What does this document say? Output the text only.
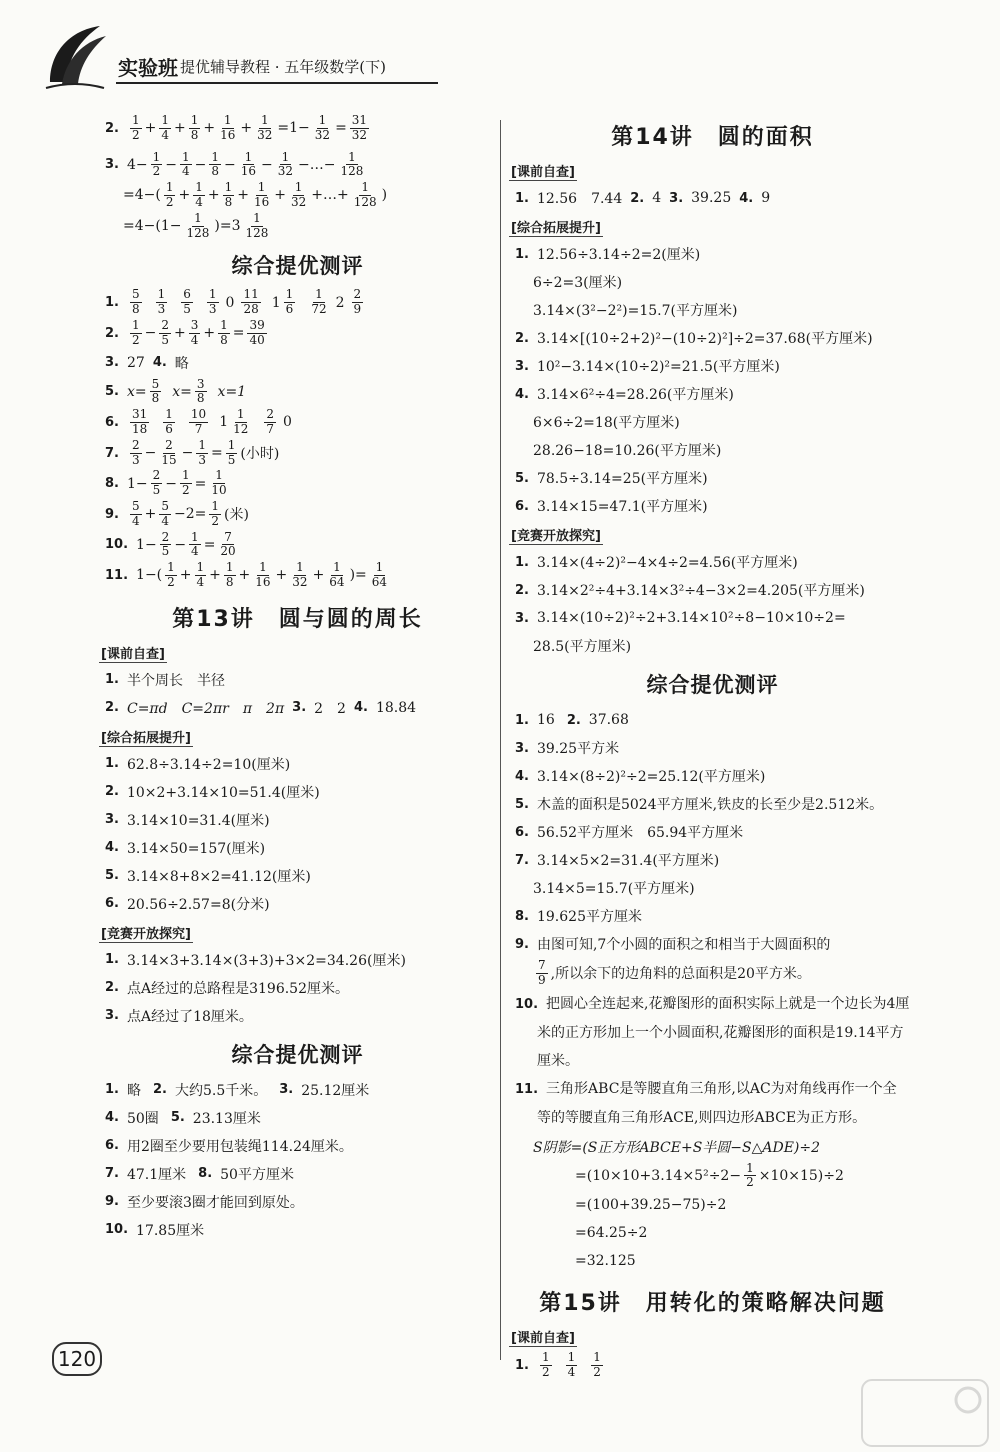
实验班 提优辅导教程 · 五年级数学(下)
2. $\frac{1}{2} + \frac{1}{4} + \frac{1}{8} + \frac{1}{16} + \frac{1}{32} =1- \frac{1}{32} = \frac{31}{32}$
3. $4- \frac{1}{2} - \frac{1}{4} - \frac{1}{8} - \frac{1}{16} - \frac{1}{32}$ −…− $\frac{1}{128}$
$=4-( \frac{1}{2} + \frac{1}{4} + \frac{1}{8} + \frac{1}{16} + \frac{1}{32}$ +…+ $\frac{1}{128}$ )
$=4-(1- \frac{1}{128} )=3 \frac{1}{128}$
综合提优测评
1. $\frac{5}{8} \frac{1}{3} \frac{6}{5} \frac{1}{3} 0 \frac{11}{28} 1 \frac{1}{6} \frac{1}{72} 2 \frac{2}{9}$
2. $\frac{1}{2} - \frac{2}{5} + \frac{3}{4} + \frac{1}{8} = \frac{39}{40}$
3. 27 4. 略
5. $x= \frac{5}{8} x= \frac{3}{8} x=1$
6. $\frac{31}{18} \frac{1}{6} \frac{10}{7} 1 \frac{1}{12} \frac{2}{7} 0$
7. $\frac{2}{3} - \frac{2}{15} - \frac{1}{3} = \frac{1}{5}$ (小时)
8. $1- \frac{2}{5} - \frac{1}{2} = \frac{1}{10}$
9. $\frac{5}{4} + \frac{5}{4} -2= \frac{1}{2}$ (米)
10. $1- \frac{2}{5} - \frac{1}{4} = \frac{7}{20}$
11. $1-( \frac{1}{2} + \frac{1}{4} + \frac{1}{8} + \frac{1}{16} + \frac{1}{32} + \frac{1}{64}$ )= $\frac{1}{64}$
第13讲　圆与圆的周长
[课前自查]
1. 半个周长　半径
2. C=πd　C=2πr　π　2π 3. 2　2 4. 18.84
[综合拓展提升]
1. 62.8÷3.14÷2=10(厘米)
2. 10×2+3.14×10=51.4(厘米)
3. 3.14×10=31.4(厘米)
4. 3.14×50=157(厘米)
5. 3.14×8+8×2=41.12(厘米)
6. 20.56÷2.57=8(分米)
[竞赛开放探究]
1. 3.14×3+3.14×(3+3)+3×2=34.26(厘米)
2. 点A经过的总路程是3196.52厘米。
3. 点A经过了18厘米。
综合提优测评
1. 略 2. 大约5.5千米。 3. 25.12厘米
4. 50圈 5. 23.13厘米
6. 用2圈至少要用包装绳114.24厘米。
7. 47.1厘米 8. 50平方厘米
9. 至少要滚3圈才能回到原处。
10. 17.85厘米
第14讲　圆的面积
[课前自查]
1. 12.56　7.44 2. 4 3. 39.25 4. 9
[综合拓展提升]
1. 12.56÷3.14÷2=2(厘米)
6÷2=3(厘米)
3.14×(3²−2²)=15.7(平方厘米)
2. 3.14×[(10÷2+2)²−(10÷2)²]÷2=37.68(平方厘米)
3. 10²−3.14×(10÷2)²=21.5(平方厘米)
4. 3.14×6²÷4=28.26(平方厘米)
6×6÷2=18(平方厘米)
28.26−18=10.26(平方厘米)
5. 78.5÷3.14=25(平方厘米)
6. 3.14×15=47.1(平方厘米)
[竞赛开放探究]
1. 3.14×(4÷2)²−4×4÷2=4.56(平方厘米)
2. 3.14×2²÷4+3.14×3²÷4−3×2=4.205(平方厘米)
3. 3.14×(10÷2)²÷2+3.14×10²÷8−10×10÷2=
28.5(平方厘米)
综合提优测评
1. 16 2. 37.68
3. 39.25平方米
4. 3.14×(8÷2)²÷2=25.12(平方厘米)
5. 木盖的面积是5024平方厘米,铁皮的长至少是2.512米。
6. 56.52平方厘米　65.94平方厘米
7. 3.14×5×2=31.4(平方厘米)
3.14×5=15.7(平方厘米)
8. 19.625平方厘米
9. 由图可知,7个小圆的面积之和相当于大圆面积的
$\frac{7}{9}$ ,所以余下的边角料的总面积是20平方米。
10. 把圆心全连起来,花瓣图形的面积实际上就是一个边长为4厘米的正方形加上一个小圆面积,花瓣图形的面积是19.14平方厘米。
11. 三角形ABC是等腰直角三角形,以AC为对角线再作一个全等的等腰直角三角形ACE,则四边形ABCE为正方形。
S阴影=(S正方形ABCE+S半圆−S△ADE)÷2
$=(10\times 10+3.14\times 5^2\div 2- \frac{1}{2} \times 10\times 15)\div 2$
=(100+39.25−75)÷2
=64.25÷2
=32.125
第15讲　用转化的策略解决问题
[课前自查]
1. $\frac{1}{2} \frac{1}{4} \frac{1}{2}$
120
